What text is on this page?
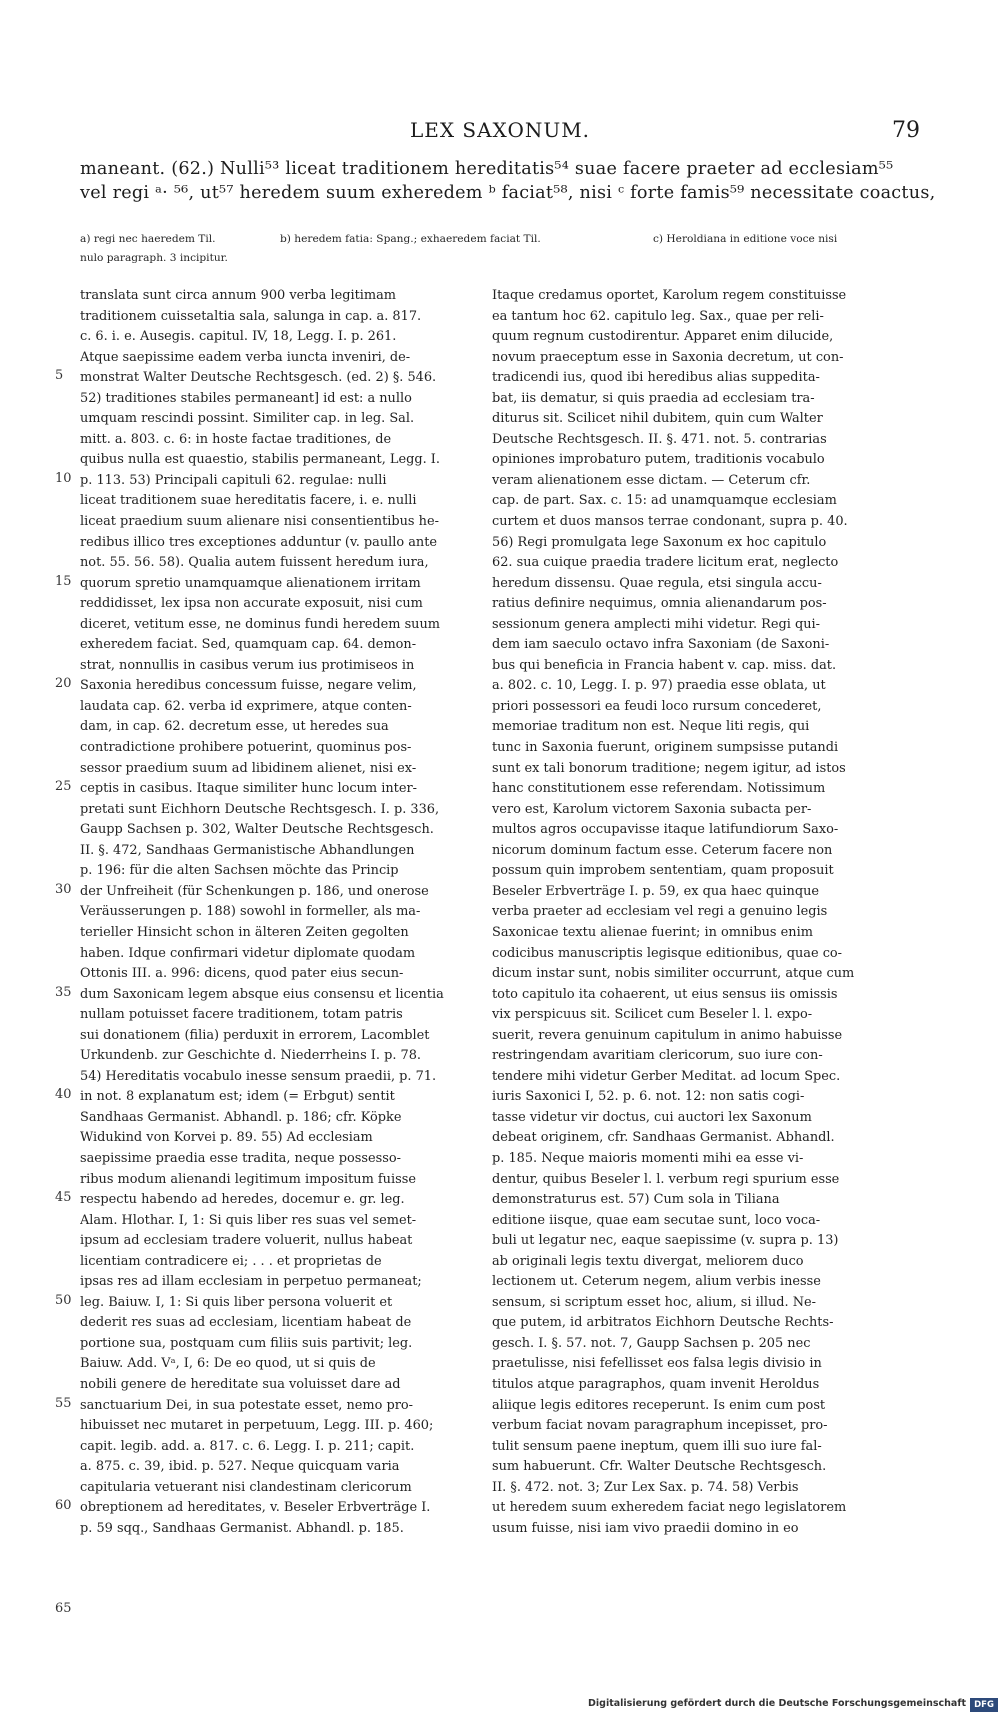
LEX SAXONUM.	79
maneant. (62.) Nulli⁵³ liceat traditionem hereditatis⁵⁴ suae facere praeter ad ecclesiam⁵⁵
vel regi ᵃ· ⁵⁶, ut⁵⁷ heredem suum exheredem ᵇ faciat⁵⁸, nisi ᶜ forte famis⁵⁹ necessitate coactus,
a) regi nec haeredem Til.	b) heredem fatia: Spang.; exhaeredem faciat Til.	c) Heroldiana in editione voce nisi
nulo paragraph. 3 incipitur.
5
10
15
20
25
30
35
40
45
50
55
60
65
translata sunt circa annum 900 verba legitimam
traditionem cuissetaltia sala, salunga in cap. a. 817.
c. 6. i. e. Ausegis. capitul. IV, 18, Legg. I. p. 261.
Atque saepissime eadem verba iuncta inveniri, de-
monstrat Walter Deutsche Rechtsgesch. (ed. 2) §. 546.
52) traditiones stabiles permaneant] id est: a nullo
umquam rescindi possint. Similiter cap. in leg. Sal.
mitt. a. 803. c. 6: in hoste factae traditiones, de
quibus nulla est quaestio, stabilis permaneant, Legg. I.
p. 113. 53) Principali capituli 62. regulae: nulli
liceat traditionem suae hereditatis facere, i. e. nulli
liceat praedium suum alienare nisi consentientibus he-
redibus illico tres exceptiones adduntur (v. paullo ante
not. 55. 56. 58). Qualia autem fuissent heredum iura,
quorum spretio unamquamque alienationem irritam
reddidisset, lex ipsa non accurate exposuit, nisi cum
diceret, vetitum esse, ne dominus fundi heredem suum
exheredem faciat. Sed, quamquam cap. 64. demon-
strat, nonnullis in casibus verum ius protimiseos in
Saxonia heredibus concessum fuisse, negare velim,
laudata cap. 62. verba id exprimere, atque conten-
dam, in cap. 62. decretum esse, ut heredes sua
contradictione prohibere potuerint, quominus pos-
sessor praedium suum ad libidinem alienet, nisi ex-
ceptis in casibus. Itaque similiter hunc locum inter-
pretati sunt Eichhorn Deutsche Rechtsgesch. I. p. 336,
Gaupp Sachsen p. 302, Walter Deutsche Rechtsgesch.
II. §. 472, Sandhaas Germanistische Abhandlungen
p. 196: für die alten Sachsen möchte das Princip
der Unfreiheit (für Schenkungen p. 186, und onerose
Veräusserungen p. 188) sowohl in formeller, als ma-
terieller Hinsicht schon in älteren Zeiten gegolten
haben. Idque confirmari videtur diplomate quodam
Ottonis III. a. 996: dicens, quod pater eius secun-
dum Saxonicam legem absque eius consensu et licentia
nullam potuisset facere traditionem, totam patris
sui donationem (filia) perduxit in errorem, Lacomblet
Urkundenb. zur Geschichte d. Niederrheins I. p. 78.
54) Hereditatis vocabulo inesse sensum praedii, p. 71.
in not. 8 explanatum est; idem (= Erbgut) sentit
Sandhaas Germanist. Abhandl. p. 186; cfr. Köpke
Widukind von Korvei p. 89. 55) Ad ecclesiam
saepissime praedia esse tradita, neque possesso-
ribus modum alienandi legitimum impositum fuisse
respectu habendo ad heredes, docemur e. gr. leg.
Alam. Hlothar. I, 1: Si quis liber res suas vel semet-
ipsum ad ecclesiam tradere voluerit, nullus habeat
licentiam contradicere ei; . . . et proprietas de
ipsas res ad illam ecclesiam in perpetuo permaneat;
leg. Baiuw. I, 1: Si quis liber persona voluerit et
dederit res suas ad ecclesiam, licentiam habeat de
portione sua, postquam cum filiis suis partivit; leg.
Baiuw. Add. Vᵃ, I, 6: De eo quod, ut si quis de
nobili genere de hereditate sua voluisset dare ad
sanctuarium Dei, in sua potestate esset, nemo pro-
hibuisset nec mutaret in perpetuum, Legg. III. p. 460;
capit. legib. add. a. 817. c. 6. Legg. I. p. 211; capit.
a. 875. c. 39, ibid. p. 527. Neque quicquam varia
capitularia vetuerant nisi clandestinam clericorum
obreptionem ad hereditates, v. Beseler Erbverträge I.
p. 59 sqq., Sandhaas Germanist. Abhandl. p. 185.
Itaque credamus oportet, Karolum regem constituisse
ea tantum hoc 62. capitulo leg. Sax., quae per reli-
quum regnum custodirentur. Apparet enim dilucide,
novum praeceptum esse in Saxonia decretum, ut con-
tradicendi ius, quod ibi heredibus alias suppedita-
bat, iis dematur, si quis praedia ad ecclesiam tra-
diturus sit. Scilicet nihil dubitem, quin cum Walter
Deutsche Rechtsgesch. II. §. 471. not. 5. contrarias
opiniones improbaturo putem, traditionis vocabulo
veram alienationem esse dictam. — Ceterum cfr.
cap. de part. Sax. c. 15: ad unamquamque ecclesiam
curtem et duos mansos terrae condonant, supra p. 40.
56) Regi promulgata lege Saxonum ex hoc capitulo
62. sua cuique praedia tradere licitum erat, neglecto
heredum dissensu. Quae regula, etsi singula accu-
ratius definire nequimus, omnia alienandarum pos-
sessionum genera amplecti mihi videtur. Regi qui-
dem iam saeculo octavo infra Saxoniam (de Saxoni-
bus qui beneficia in Francia habent v. cap. miss. dat.
a. 802. c. 10, Legg. I. p. 97) praedia esse oblata, ut
priori possessori ea feudi loco rursum concederet,
memoriae traditum non est. Neque liti regis, qui
tunc in Saxonia fuerunt, originem sumpsisse putandi
sunt ex tali bonorum traditione; negem igitur, ad istos
hanc constitutionem esse referendam. Notissimum
vero est, Karolum victorem Saxonia subacta per-
multos agros occupavisse itaque latifundiorum Saxo-
nicorum dominum factum esse. Ceterum facere non
possum quin improbem sententiam, quam proposuit
Beseler Erbverträge I. p. 59, ex qua haec quinque
verba praeter ad ecclesiam vel regi a genuino legis
Saxonicae textu alienae fuerint; in omnibus enim
codicibus manuscriptis legisque editionibus, quae co-
dicum instar sunt, nobis similiter occurrunt, atque cum
toto capitulo ita cohaerent, ut eius sensus iis omissis
vix perspicuus sit. Scilicet cum Beseler l. l. expo-
suerit, revera genuinum capitulum in animo habuisse
restringendam avaritiam clericorum, suo iure con-
tendere mihi videtur Gerber Meditat. ad locum Spec.
iuris Saxonici I, 52. p. 6. not. 12: non satis cogi-
tasse videtur vir doctus, cui auctori lex Saxonum
debeat originem, cfr. Sandhaas Germanist. Abhandl.
p. 185. Neque maioris momenti mihi ea esse vi-
dentur, quibus Beseler l. l. verbum regi spurium esse
demonstraturus est. 57) Cum sola in Tiliana
editione iisque, quae eam secutae sunt, loco voca-
buli ut legatur nec, eaque saepissime (v. supra p. 13)
ab originali legis textu divergat, meliorem duco
lectionem ut. Ceterum negem, alium verbis inesse
sensum, si scriptum esset hoc, alium, si illud. Ne-
que putem, id arbitratos Eichhorn Deutsche Rechts-
gesch. I. §. 57. not. 7, Gaupp Sachsen p. 205 nec
praetulisse, nisi fefellisset eos falsa legis divisio in
titulos atque paragraphos, quam invenit Heroldus
aliique legis editores receperunt. Is enim cum post
verbum faciat novam paragraphum incepisset, pro-
tulit sensum paene ineptum, quem illi suo iure fal-
sum habuerunt. Cfr. Walter Deutsche Rechtsgesch.
II. §. 472. not. 3; Zur Lex Sax. p. 74. 58) Verbis
ut heredem suum exheredem faciat nego legislatorem
usum fuisse, nisi iam vivo praedii domino in eo
Digitalisierung gefördert durch die Deutsche Forschungsgemeinschaft DFG
